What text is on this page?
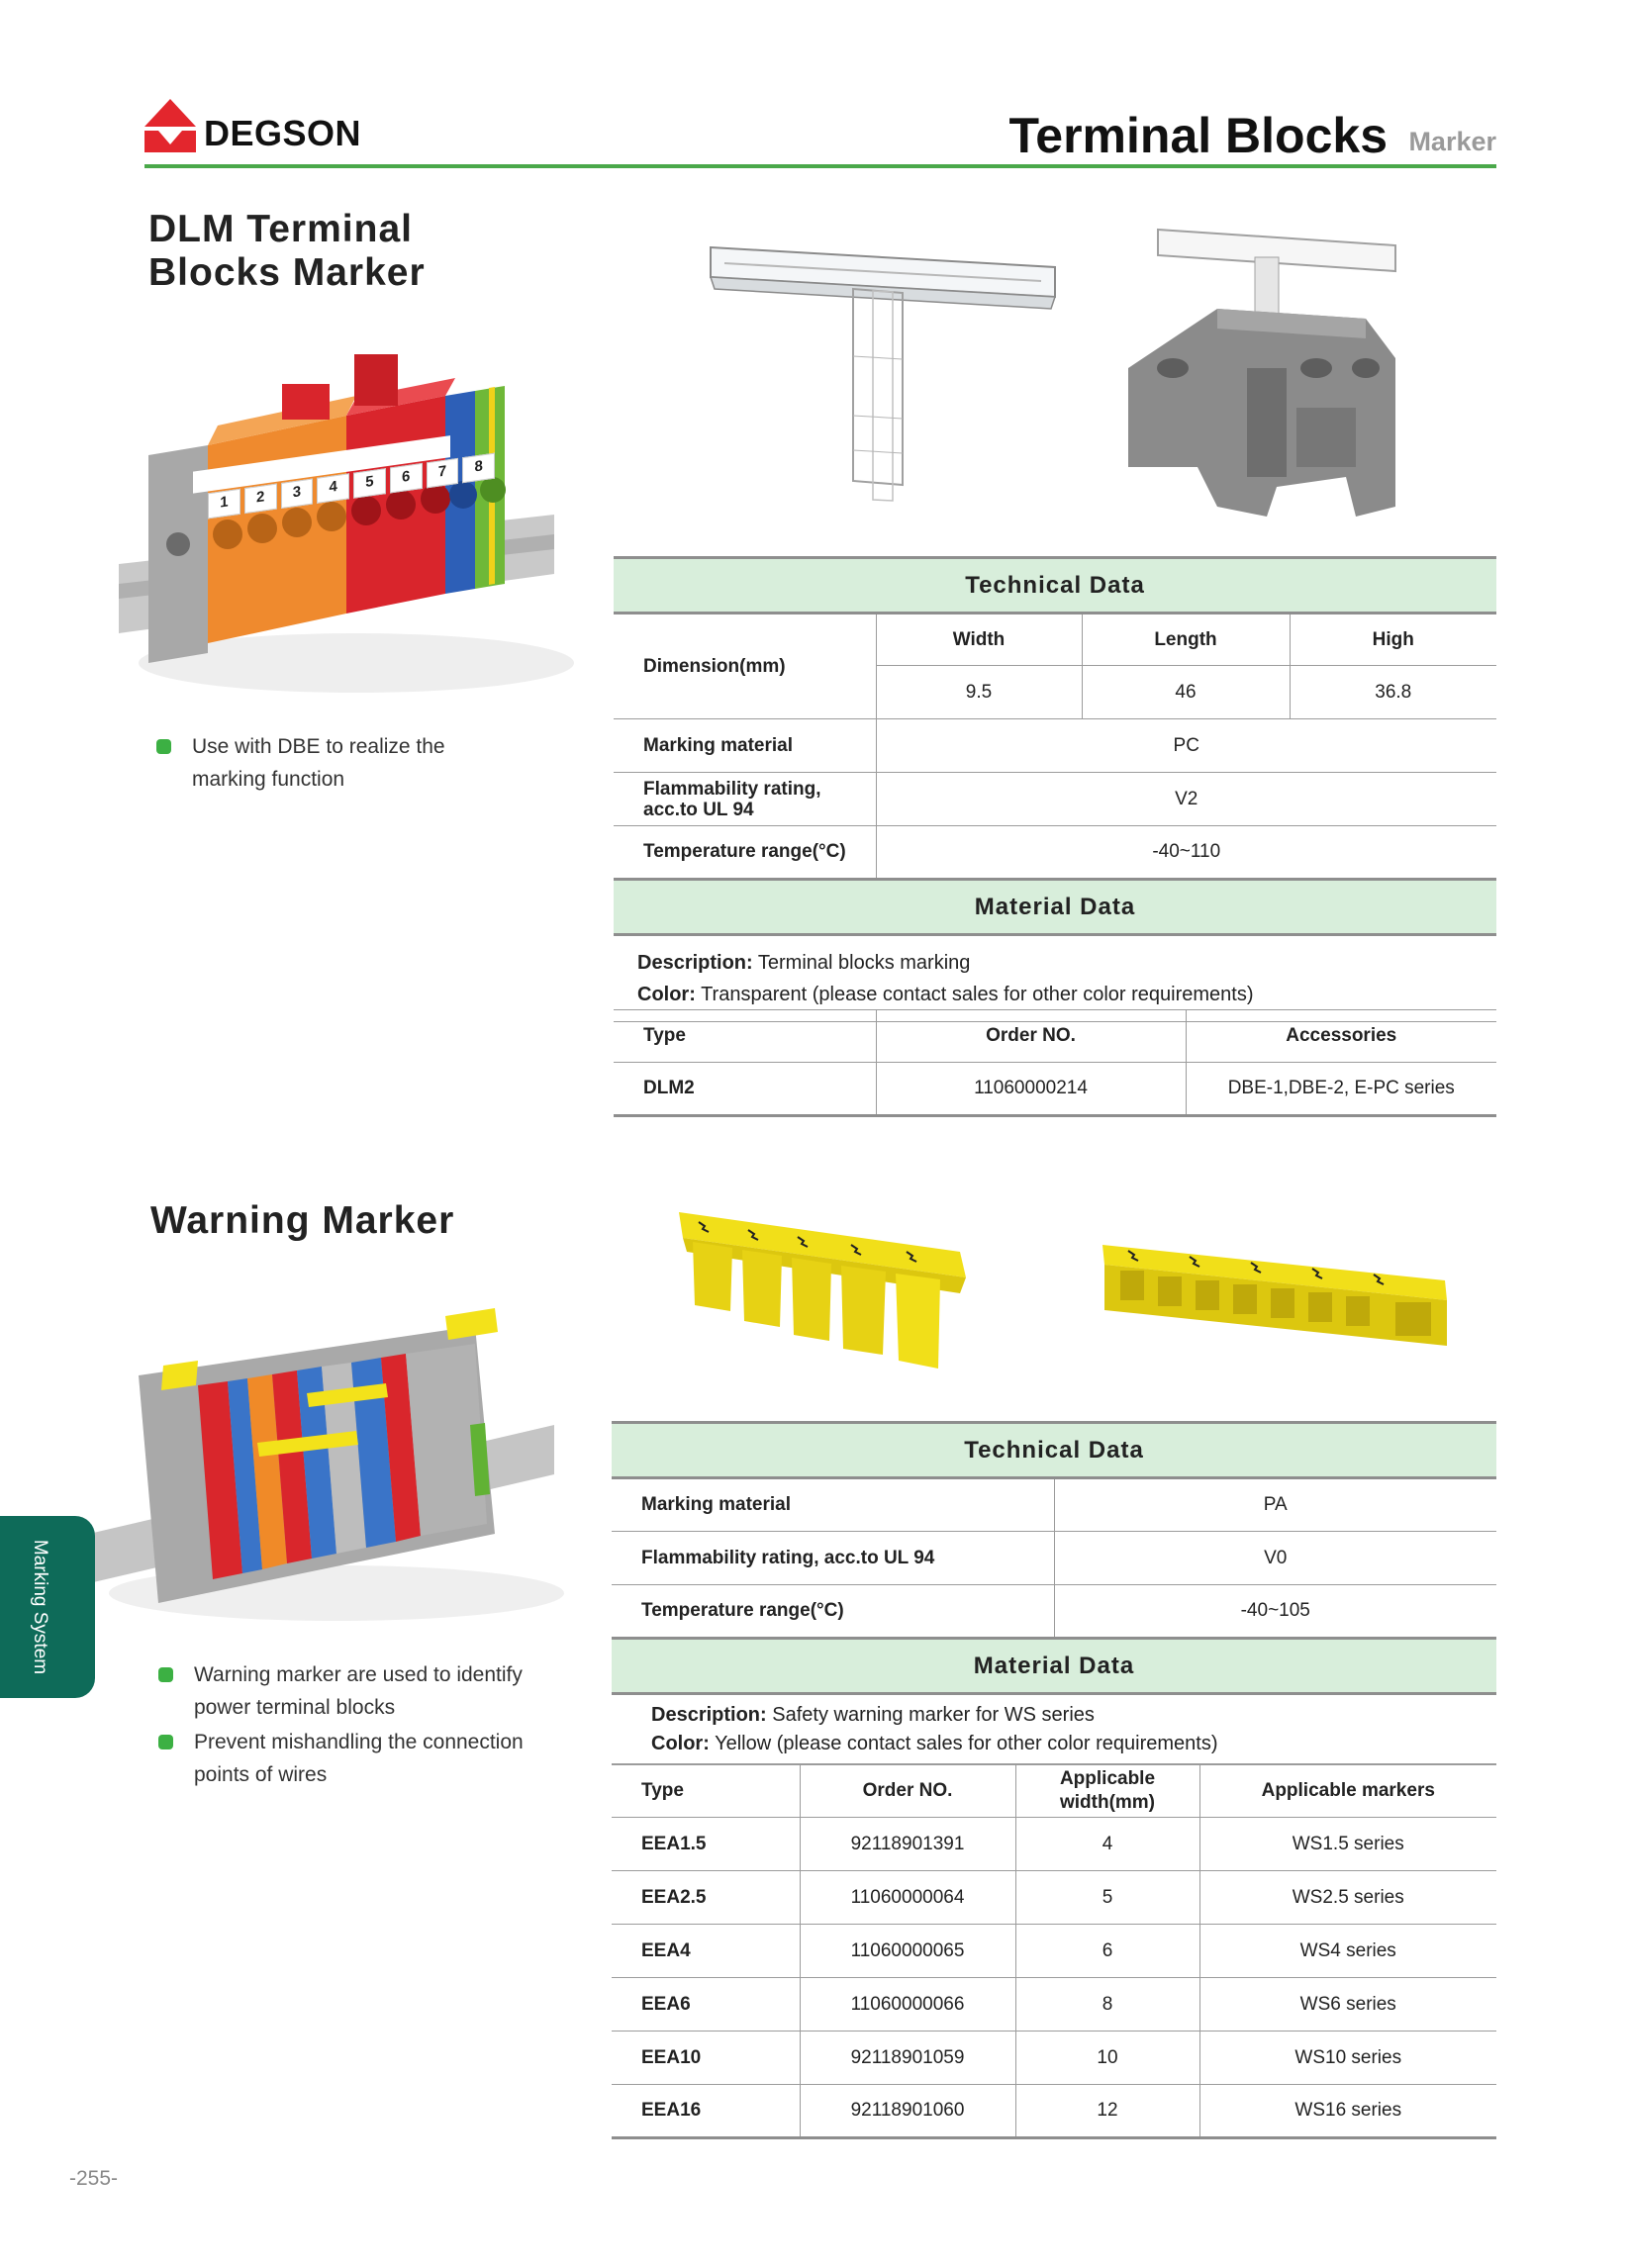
DEGSON	Terminal Blocks Marker
DLM Terminal
Blocks Marker
1	2	3	4	5	6	7	8
Use with DBE to realize the marking function
Technical Data			
Dimension(mm)	Width	Length	High
	9.5	46	36.8
Marking material	PC		
Flammability rating, acc.to UL 94	V2		
Temperature range(°C)	-40~110		
Material Data			

Description: Terminal blocks marking
Color: Transparent (please contact sales for other color requirements)			
Type	Order NO.	Accessories
DLM2	11060000214	DBE-1,DBE-2, E-PC series
Warning Marker
Warning marker are used to identify power terminal blocks
Prevent mishandling the connection points of wires
Technical Data	
Marking material	PA
Flammability rating, acc.to UL 94	V0
Temperature range(°C)	-40~105
Material Data	

Description: Safety warning marker for WS series
Color: Yellow (please contact sales for other color requirements)	
Type	Order NO.	Applicable width(mm)	Applicable markers
EEA1.5	92118901391	4	WS1.5 series
EEA2.5	11060000064	5	WS2.5 series
EEA4	11060000065	6	WS4 series
EEA6	11060000066	8	WS6 series
EEA10	92118901059	10	WS10 series
EEA16	92118901060	12	WS16 series
Marking System
-255-
